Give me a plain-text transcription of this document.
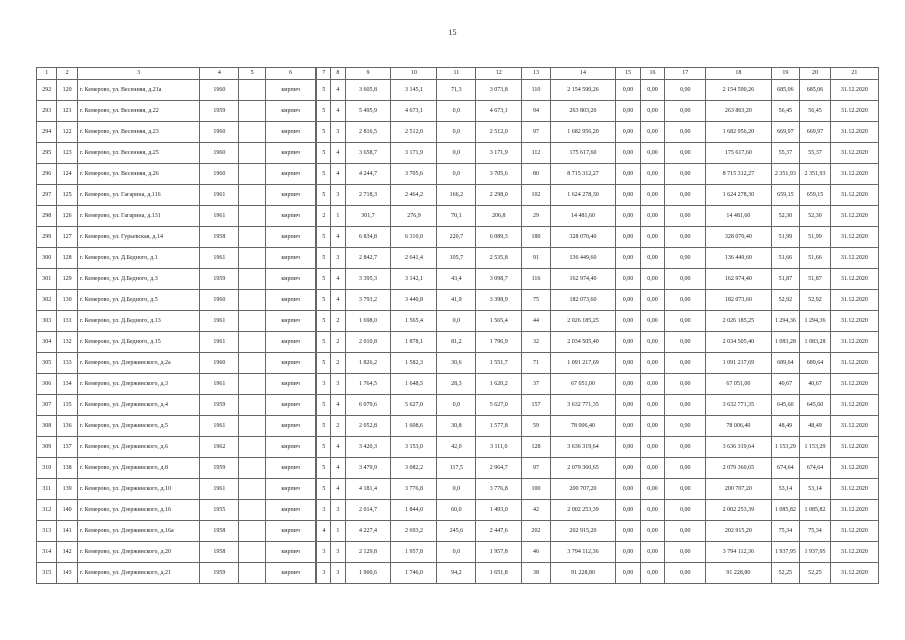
15
1	2	3	4	5	6	7	8	9	10	11	12	13	14	15	16	17	18	19	20	21
292	120	г. Кемерово, ул. Весенняя, д.21а	1960		кирпич	5	4	3 605,8	3 145,1	71,3	3 073,8	110	2 154 590,26	0,00	0,00	0,00	2 154 590,26	685,06	685,06	31.12.2020
293	121	г. Кемерово, ул. Весенняя, д.22	1959		кирпич	5	4	5 495,9	4 673,1	0,0	4 673,1	94	263 803,20	0,00	0,00	0,00	263 803,20	56,45	56,45	31.12.2020
294	122	г. Кемерово, ул. Весенняя, д.23	1960		кирпич	5	3	2 816,5	2 512,0	0,0	2 512,0	97	1 682 956,20	0,00	0,00	0,00	1 682 956,20	669,97	669,97	31.12.2020
295	123	г. Кемерово, ул. Весенняя, д.25	1960		кирпич	5	4	3 658,7	3 171,9	0,0	3 171,9	112	175 617,60	0,00	0,00	0,00	175 617,60	55,37	55,37	31.12.2020
296	124	г. Кемерово, ул. Весенняя, д.26	1960		кирпич	5	4	4 244,7	3 705,6	0,0	3 705,6	80	8 715 312,27	0,00	0,00	0,00	8 715 312,27	2 351,93	2 351,93	31.12.2020
297	125	г. Кемерово, ул. Гагарина, д.116	1961		кирпич	5	3	2 718,3	2 464,2	166,2	2 298,0	102	1 624 278,30	0,00	0,00	0,00	1 624 278,30	659,15	659,15	31.12.2020
298	126	г. Кемерово, ул. Гагарина, д.131	1961		кирпич	2	1	301,7	276,9	70,1	206,8	29	14 481,60	0,00	0,00	0,00	14 481,60	52,30	52,30	31.12.2020
299	127	г. Кемерово, ул. Гурьевская, д.14	1958		кирпич	5	4	6 834,8	6 310,0	220,7	6 089,3	180	328 070,40	0,00	0,00	0,00	328 070,40	51,99	51,99	31.12.2020
300	128	г. Кемерово, ул. Д.Бедного, д.1	1961		кирпич	5	3	2 842,7	2 641,4	105,7	2 535,8	91	136 449,60	0,00	0,00	0,00	136 449,60	51,66	51,66	31.12.2020
301	129	г. Кемерово, ул. Д.Бедного, д.3	1959		кирпич	5	4	3 395,3	3 142,1	43,4	3 098,7	116	162 974,40	0,00	0,00	0,00	162 974,40	51,87	51,87	31.12.2020
302	130	г. Кемерово, ул. Д.Бедного, д.5	1960		кирпич	5	4	3 793,2	3 440,8	41,9	3 398,9	75	182 073,60	0,00	0,00	0,00	182 073,60	52,92	52,92	31.12.2020
303	131	г. Кемерово, ул. Д.Бедного, д.13	1961		кирпич	5	2	1 698,0	1 565,4	0,0	1 565,4	44	2 026 185,25	0,00	0,00	0,00	2 026 185,25	1 294,36	1 294,36	31.12.2020
304	132	г. Кемерово, ул. Д.Бедного, д.15	1961		кирпич	5	2	2 010,8	1 878,1	81,2	1 796,9	32	2 034 505,40	0,00	0,00	0,00	2 034 505,40	1 083,28	1 083,28	31.12.2020
305	133	г. Кемерово, ул. Дзержинского, д.2а	1960		кирпич	5	2	1 826,2	1 582,3	30,6	1 551,7	71	1 091 217,69	0,00	0,00	0,00	1 091 217,69	689,64	689,64	31.12.2020
306	134	г. Кемерово, ул. Дзержинского, д.3	1961		кирпич	3	3	1 764,5	1 648,5	28,3	1 620,2	37	67 051,00	0,00	0,00	0,00	67 051,00	40,67	40,67	31.12.2020
307	135	г. Кемерово, ул. Дзержинского, д.4	1959		кирпич	5	4	6 079,6	5 627,0	0,0	5 627,0	157	3 632 771,35	0,00	0,00	0,00	3 632 771,35	645,60	645,60	31.12.2020
308	136	г. Кемерово, ул. Дзержинского, д.5	1961		кирпич	5	2	2 052,8	1 608,6	30,8	1 577,8	59	78 006,40	0,00	0,00	0,00	78 006,40	48,49	48,49	31.12.2020
309	137	г. Кемерово, ул. Дзержинского, д.6	1962		кирпич	5	4	3 420,3	3 153,0	42,0	3 111,0	128	3 636 319,64	0,00	0,00	0,00	3 636 319,64	1 153,29	1 153,29	31.12.2020
310	138	г. Кемерово, ул. Дзержинского, д.8	1959		кирпич	5	4	3 479,9	3 082,2	117,5	2 964,7	97	2 079 360,65	0,00	0,00	0,00	2 079 360,65	674,64	674,64	31.12.2020
311	139	г. Кемерово, ул. Дзержинского, д.10	1961		кирпич	5	4	4 181,4	3 776,8	0,0	3 776,8	100	200 707,20	0,00	0,00	0,00	200 707,20	53,14	53,14	31.12.2020
312	140	г. Кемерово, ул. Дзержинского, д.16	1955		кирпич	3	3	2 014,7	1 844,0	60,0	1 493,0	42	2 002 253,39	0,00	0,00	0,00	2 002 253,39	1 085,82	1 085,82	31.12.2020
313	141	г. Кемерово, ул. Дзержинского, д.16а	1958		кирпич	4	1	4 227,4	2 693,2	245,6	2 447,6	202	202 915,20	0,00	0,00	0,00	202 915,20	75,34	75,34	31.12.2020
314	142	г. Кемерово, ул. Дзержинского, д.20	1958		кирпич	3	3	2 129,8	1 957,8	0,0	1 957,8	46	3 794 112,36	0,00	0,00	0,00	3 794 112,36	1 937,95	1 937,95	31.12.2020
315	143	г. Кемерово, ул. Дзержинского, д.21	1959		кирпич	3	3	1 900,6	1 746,0	94,2	1 651,8	38	91 228,80	0,00	0,00	0,00	91 228,80	52,25	52,25	31.12.2020
